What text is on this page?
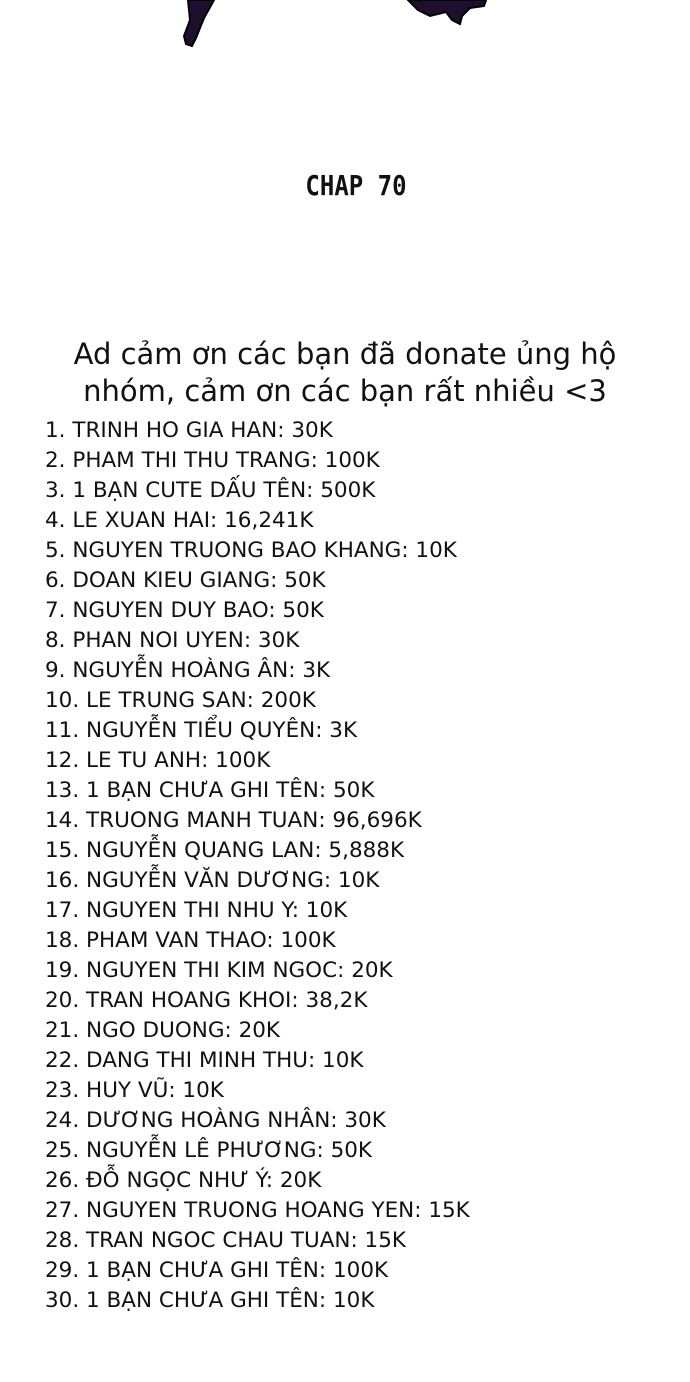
CHAP 70

Ad cảm ơn các bạn đã donate ủng hộ
nhóm, cảm ơn các bạn rất nhiều <3

1. TRINH HO GIA HAN: 30K
2. PHAM THI THU TRANG: 100K
3. 1 BẠN CUTE DẤU TÊN: 500K
4. LE XUAN HAI: 16,241K
5. NGUYEN TRUONG BAO KHANG: 10K
6. DOAN KIEU GIANG: 50K
7. NGUYEN DUY BAO: 50K
8. PHAN NOI UYEN: 30K
9. NGUYỄN HOÀNG ÂN: 3K
10. LE TRUNG SAN: 200K
11. NGUYỄN TIỂU QUYÊN: 3K
12. LE TU ANH: 100K
13. 1 BẠN CHƯA GHI TÊN: 50K
14. TRUONG MANH TUAN: 96,696K
15. NGUYỄN QUANG LAN: 5,888K
16. NGUYỄN VĂN DƯƠNG: 10K
17. NGUYEN THI NHU Y: 10K
18. PHAM VAN THAO: 100K
19. NGUYEN THI KIM NGOC: 20K
20. TRAN HOANG KHOI: 38,2K
21. NGO DUONG: 20K
22. DANG THI MINH THU: 10K
23. HUY VŨ: 10K
24. DƯƠNG HOÀNG NHÂN: 30K
25. NGUYỄN LÊ PHƯƠNG: 50K
26. ĐỖ NGỌC NHƯ Ý: 20K
27. NGUYEN TRUONG HOANG YEN: 15K
28. TRAN NGOC CHAU TUAN: 15K
29. 1 BẠN CHƯA GHI TÊN: 100K
30. 1 BẠN CHƯA GHI TÊN: 10K
